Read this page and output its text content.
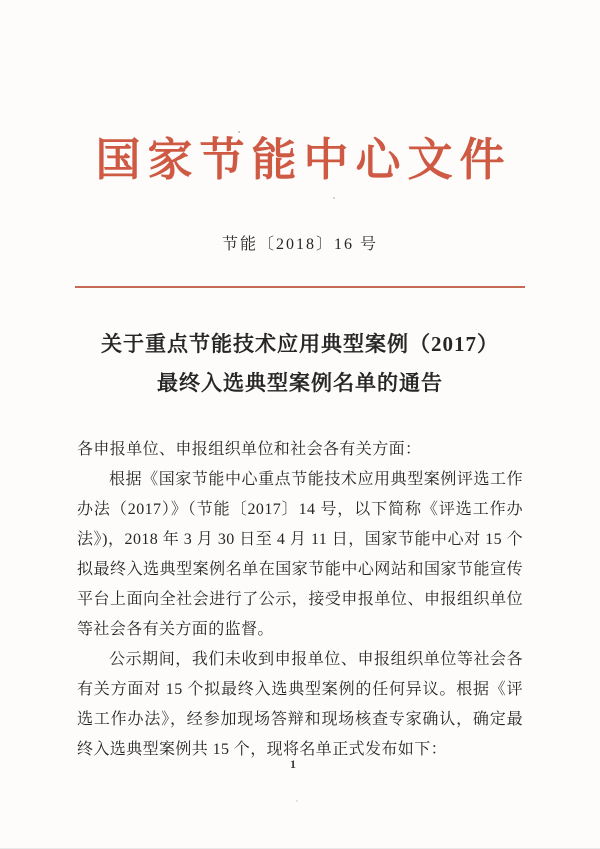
国家节能中心文件
节能〔2018〕16 号
关于重点节能技术应用典型案例（2017）
最终入选典型案例名单的通告

各申报单位、申报组织单位和社会各有关方面：

根据《国家节能中心重点节能技术应用典型案例评选工作办法（2017）》（节能〔2017〕14 号，以下简称《评选工作办法》)，2018 年 3 月 30 日至 4 月 11 日，国家节能中心对 15 个拟最终入选典型案例名单在国家节能中心网站和国家节能宣传平台上面向全社会进行了公示，接受申报单位、申报组织单位等社会各有关方面的监督。

公示期间，我们未收到申报单位、申报组织单位等社会各有关方面对 15 个拟最终入选典型案例的任何异议。根据《评选工作办法》，经参加现场答辩和现场核查专家确认，确定最终入选典型案例共 15 个，现将名单正式发布如下：

1
